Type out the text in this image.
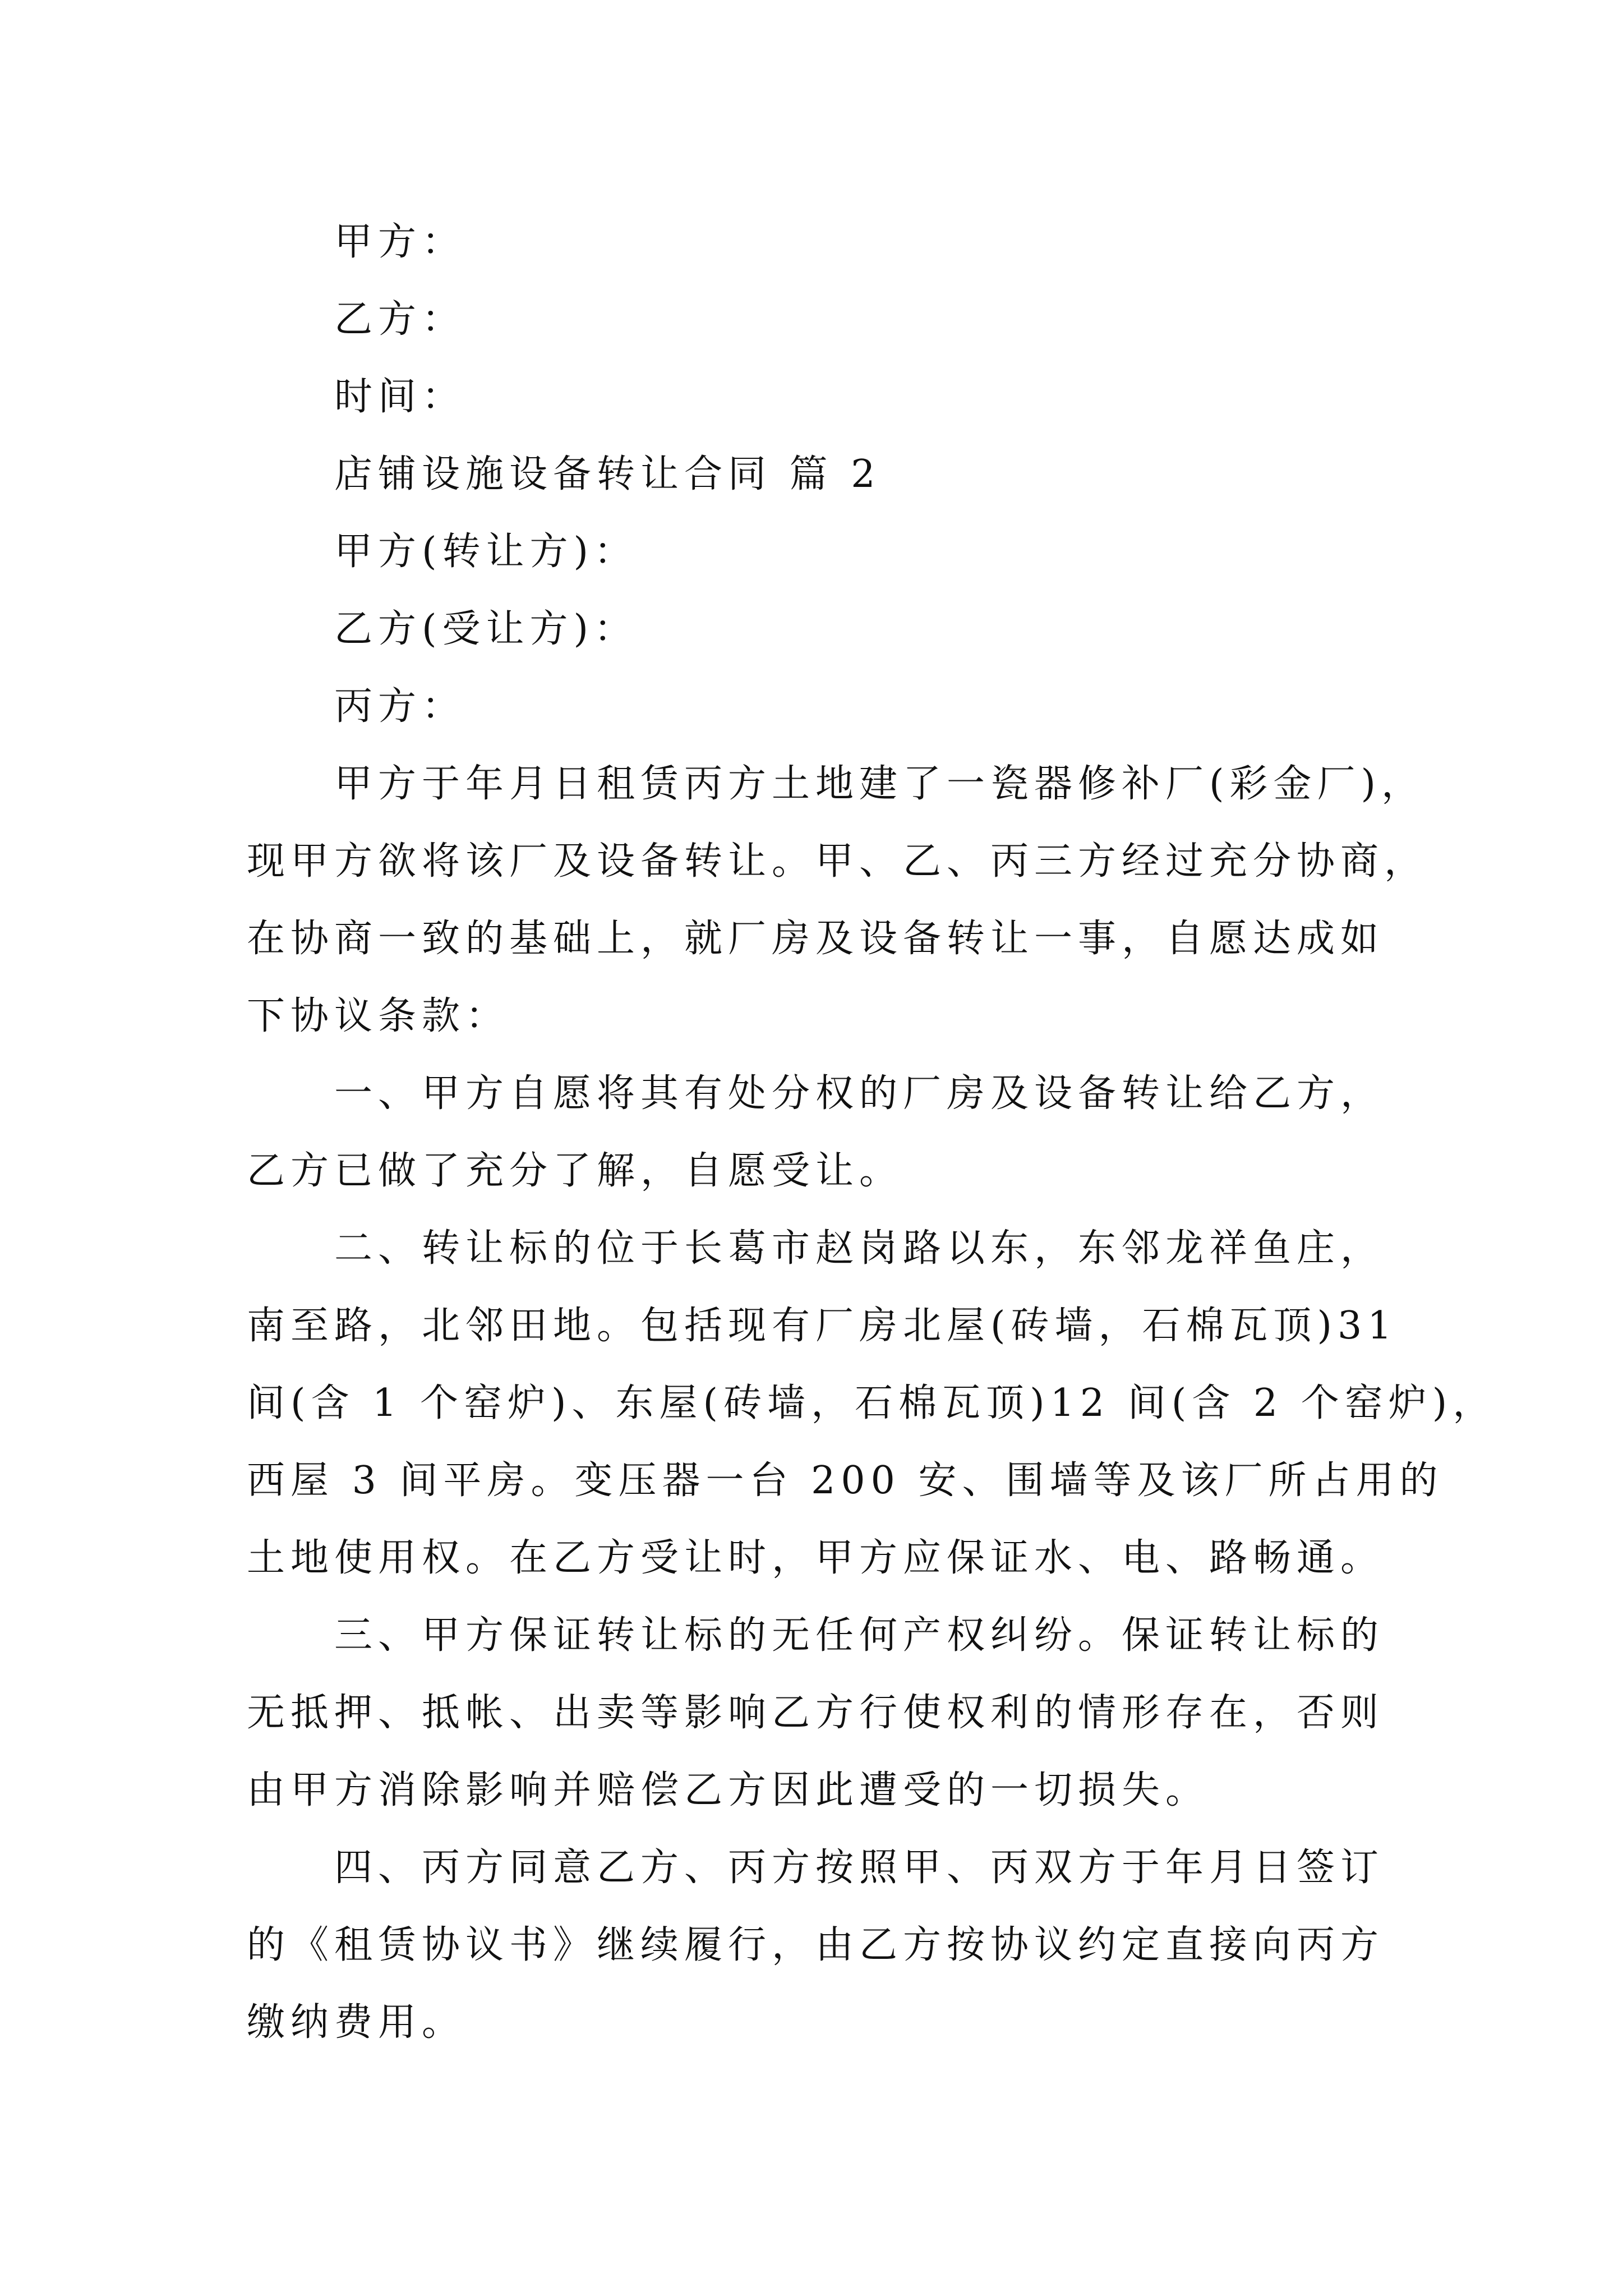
甲方：
乙方：
时间：
店铺设施设备转让合同 篇 2
甲方(转让方)：
乙方(受让方)：
丙方：
甲方于年月日租赁丙方土地建了一瓷器修补厂(彩金厂)，
现甲方欲将该厂及设备转让。甲、乙、丙三方经过充分协商，
在协商一致的基础上，就厂房及设备转让一事，自愿达成如
下协议条款：
一、甲方自愿将其有处分权的厂房及设备转让给乙方，
乙方已做了充分了解，自愿受让。
二、转让标的位于长葛市赵岗路以东，东邻龙祥鱼庄，
南至路，北邻田地。包括现有厂房北屋(砖墙，石棉瓦顶)31
间(含 1 个窑炉)、东屋(砖墙，石棉瓦顶)12 间(含 2 个窑炉)，
西屋 3 间平房。变压器一台 200 安、围墙等及该厂所占用的
土地使用权。在乙方受让时，甲方应保证水、电、路畅通。
三、甲方保证转让标的无任何产权纠纷。保证转让标的
无抵押、抵帐、出卖等影响乙方行使权利的情形存在，否则
由甲方消除影响并赔偿乙方因此遭受的一切损失。
四、丙方同意乙方、丙方按照甲、丙双方于年月日签订
的《租赁协议书》继续履行，由乙方按协议约定直接向丙方
缴纳费用。
